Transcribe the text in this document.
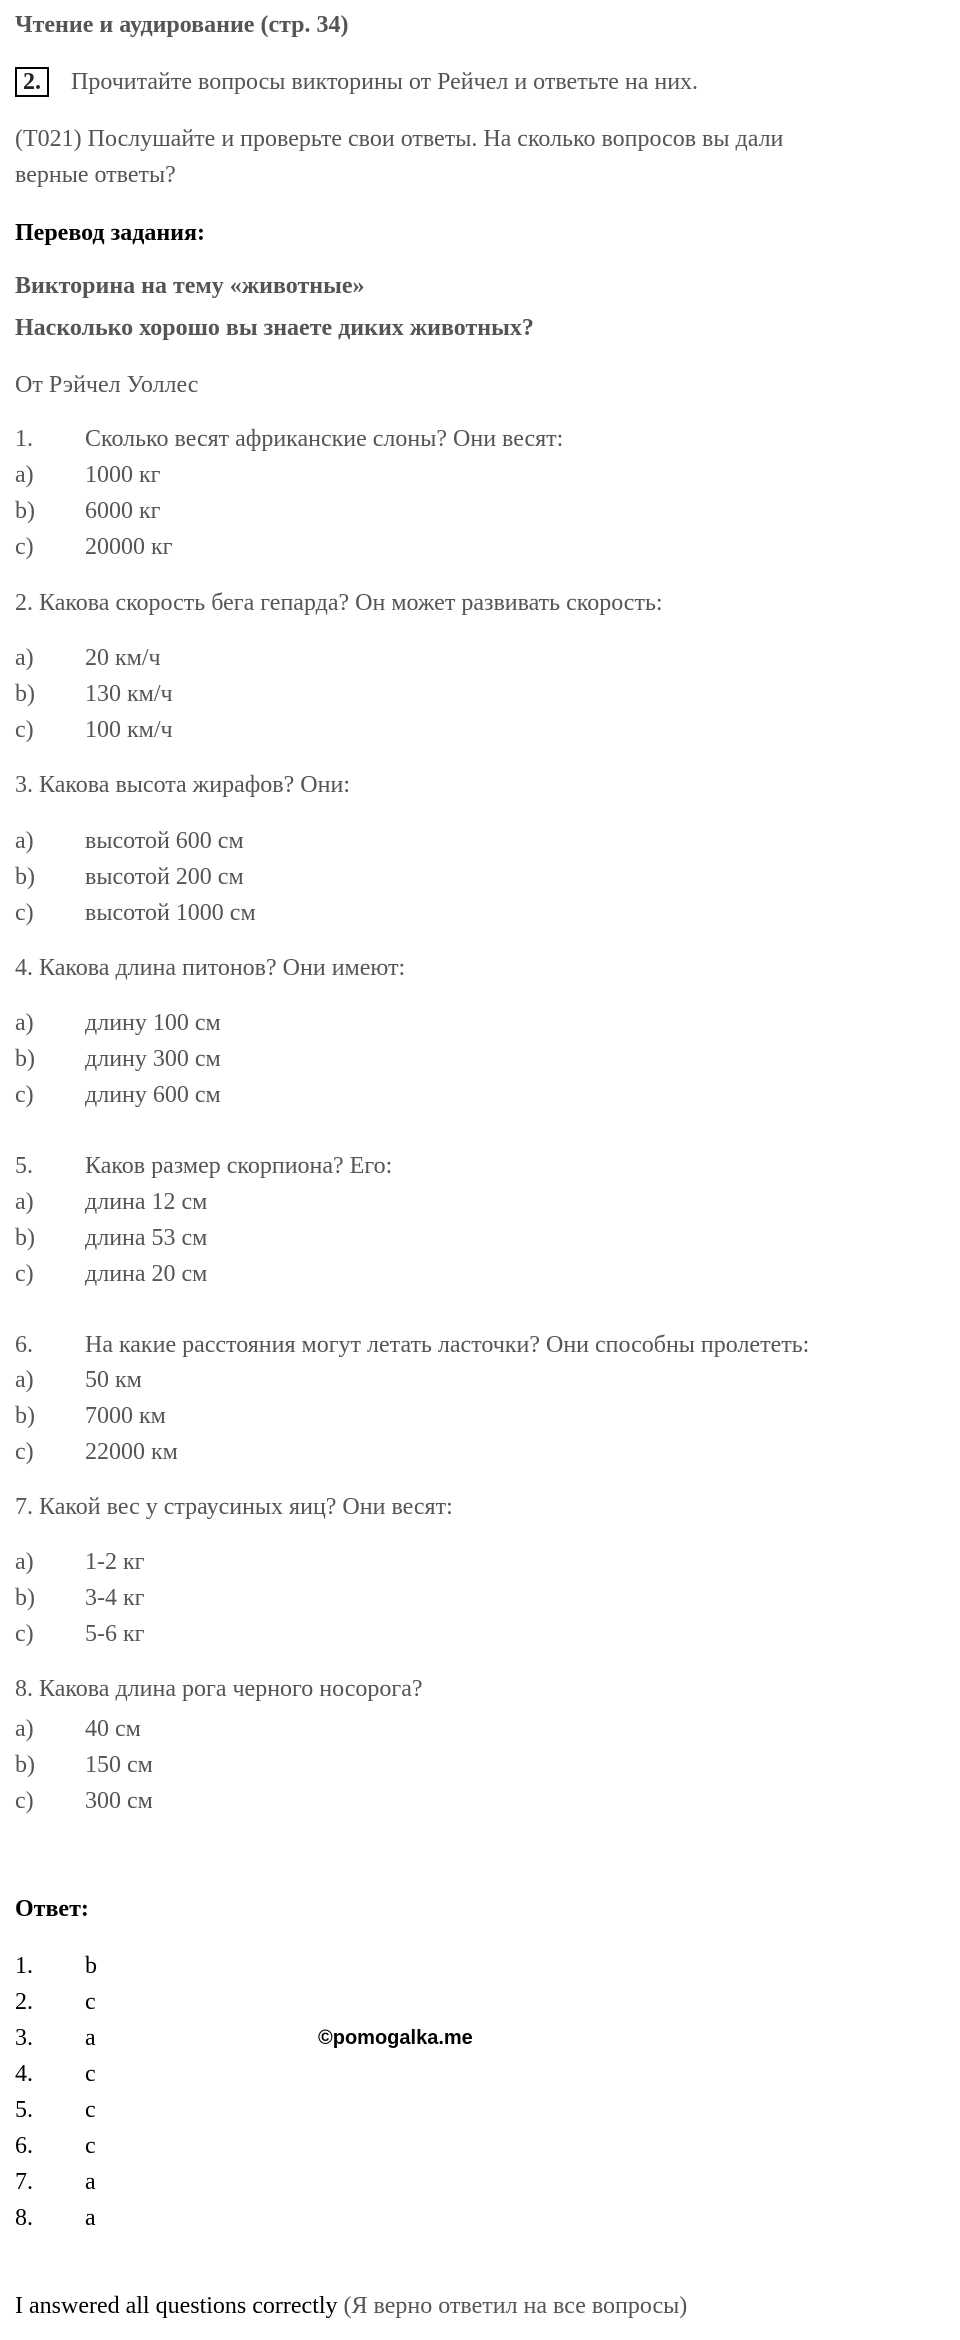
Чтение и аудирование (стр. 34)
2. Прочитайте вопросы викторины от Рейчел и ответьте на них.
(T021) Послушайте и проверьте свои ответы. На сколько вопросов вы дали
верные ответы?
Перевод задания:
Викторина на тему «животные»
Насколько хорошо вы знаете диких животных?
От Рэйчел Уоллес
1. Сколько весят африканские слоны? Они весят:
a) 1000 кг
b) 6000 кг
c) 20000 кг
2. Какова скорость бега гепарда? Он может развивать скорость:
a) 20 км/ч
b) 130 км/ч
c) 100 км/ч
3. Какова высота жирафов? Они:
a) высотой 600 см
b) высотой 200 см
c) высотой 1000 см
4. Какова длина питонов? Они имеют:
a) длину 100 см
b) длину 300 см
c) длину 600 см
5. Каков размер скорпиона? Его:
a) длина 12 см
b) длина 53 см
c) длина 20 см
6. На какие расстояния могут летать ласточки? Они способны пролететь:
a) 50 км
b) 7000 км
c) 22000 км
7. Какой вес у страусиных яиц? Они весят:
a) 1-2 кг
b) 3-4 кг
c) 5-6 кг
8. Какова длина рога черного носорога?
a) 40 см
b) 150 см
c) 300 см
Ответ:
1. b
2. c
3. a
4. c
5. c
6. c
7. a
8. a
©pomogalka.me
I answered all questions correctly (Я верно ответил на все вопросы)
